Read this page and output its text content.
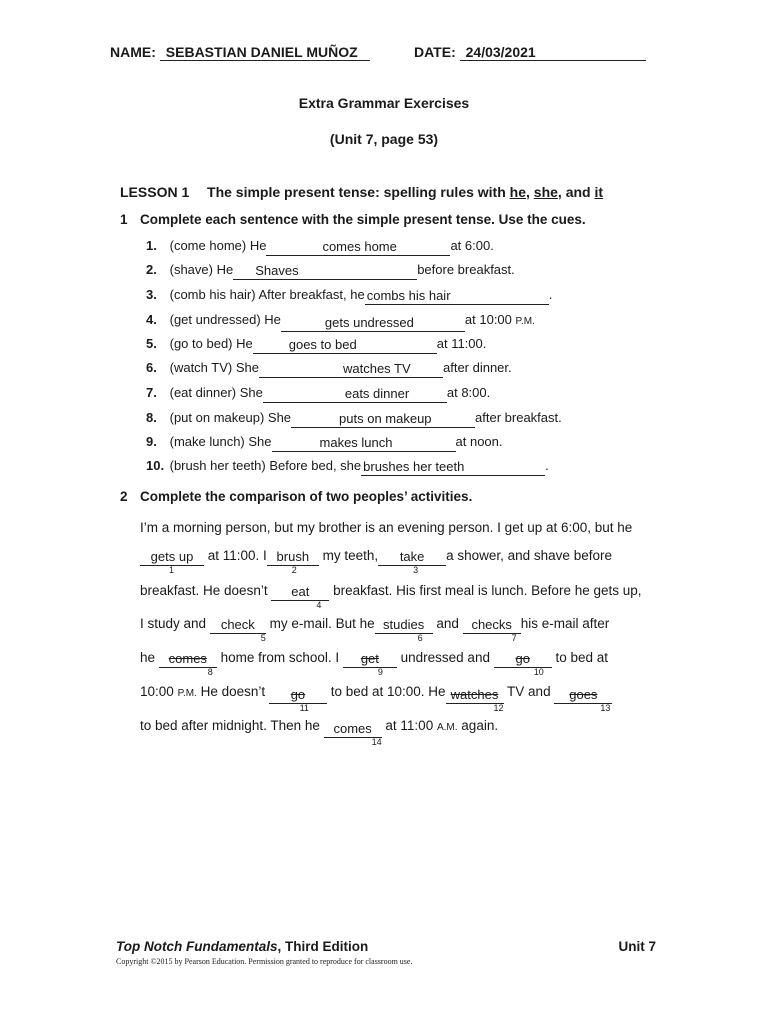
NAME: SEBASTIAN DANIEL MUÑOZ	DATE: 24/03/2021
Extra Grammar Exercises
(Unit 7, page 53)
LESSON 1 The simple present tense: spelling rules with he, she, and it
1 Complete each sentence with the simple present tense. Use the cues.
1. (come home) He	comes home	at 6:00.
2. (shave) He Shaves	before breakfast.
3. (comb his hair) After breakfast, he combs his hair	.
4. (get undressed) He	gets undressed	at 10:00 P.M.
5. (go to bed) He	goes to bed	at 11:00.
6. (watch TV) She	watches TV after dinner.
7. (eat dinner) She	eats dinner	at 8:00.
8. (put on makeup) She	puts on makeup	after breakfast.
9. (make lunch) She	makes lunch	at noon.
10. (brush her teeth) Before bed, she brushes her teeth	.
2 Complete the comparison of two peoples’ activities.
I’m a morning person, but my brother is an evening person. I get up at 6:00, but he
gets up
1
at 11:00. I brush
2
my teeth,	take
3
a shower, and shave before
breakfast. He doesn’t	eat
4
breakfast. His first meal is lunch. Before he gets up,
I study and	check
5
my e-mail. But he studies
6
and checks
7
his e-mail after
he	comes
8
home from school. I	get
9
undressed and	go
10
to bed at
10:00 P.M. He doesn’t	go
11
to bed at 10:00. He watches
12
TV and	goes
13
to bed after midnight. Then he	comes
14
at 11:00 A.M. again.
Top Notch Fundamentals, Third Edition	Unit 7
Copyright ©2015 by Pearson Education. Permission granted to reproduce for classroom use.
